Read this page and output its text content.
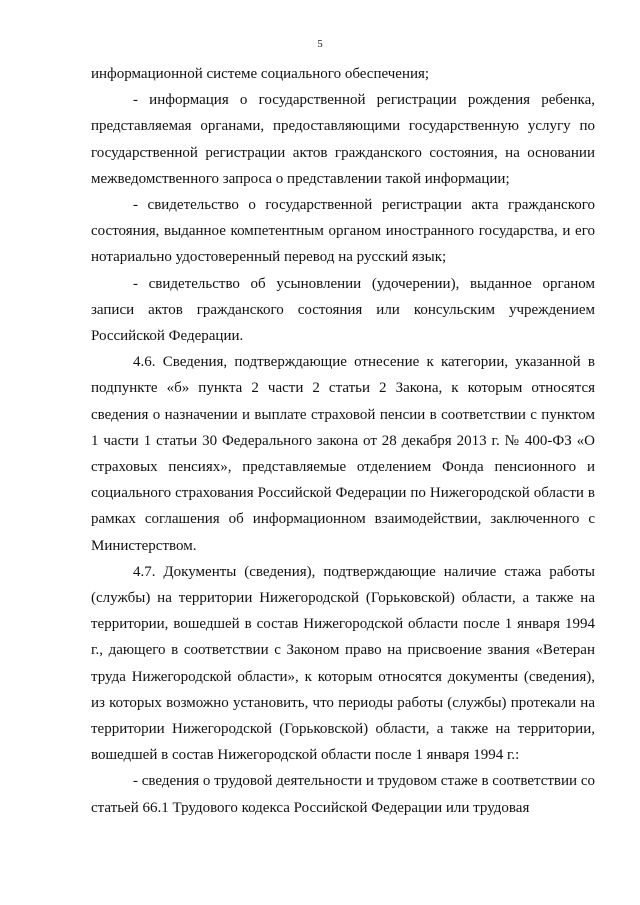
5

информационной системе социального обеспечения;

- информация о государственной регистрации рождения ребенка, представляемая органами, предоставляющими государственную услугу по государственной регистрации актов гражданского состояния, на основании межведомственного запроса о представлении такой информации;

- свидетельство о государственной регистрации акта гражданского состояния, выданное компетентным органом иностранного государства, и его нотариально удостоверенный перевод на русский язык;

- свидетельство об усыновлении (удочерении), выданное органом записи актов гражданского состояния или консульским учреждением Российской Федерации.

4.6. Сведения, подтверждающие отнесение к категории, указанной в подпункте «б» пункта 2 части 2 статьи 2 Закона, к которым относятся сведения о назначении и выплате страховой пенсии в соответствии с пунктом 1 части 1 статьи 30 Федерального закона от 28 декабря 2013 г. № 400-ФЗ «О страховых пенсиях», представляемые отделением Фонда пенсионного и социального страхования Российской Федерации по Нижегородской области в рамках соглашения об информационном взаимодействии, заключенного с Министерством.

4.7. Документы (сведения), подтверждающие наличие стажа работы (службы) на территории Нижегородской (Горьковской) области, а также на территории, вошедшей в состав Нижегородской области после 1 января 1994 г., дающего в соответствии с Законом право на присвоение звания «Ветеран труда Нижегородской области», к которым относятся документы (сведения), из которых возможно установить, что периоды работы (службы) протекали на территории Нижегородской (Горьковской) области, а также на территории, вошедшей в состав Нижегородской области после 1 января 1994 г.:

- сведения о трудовой деятельности и трудовом стаже в соответствии со статьей 66.1 Трудового кодекса Российской Федерации или трудовая
